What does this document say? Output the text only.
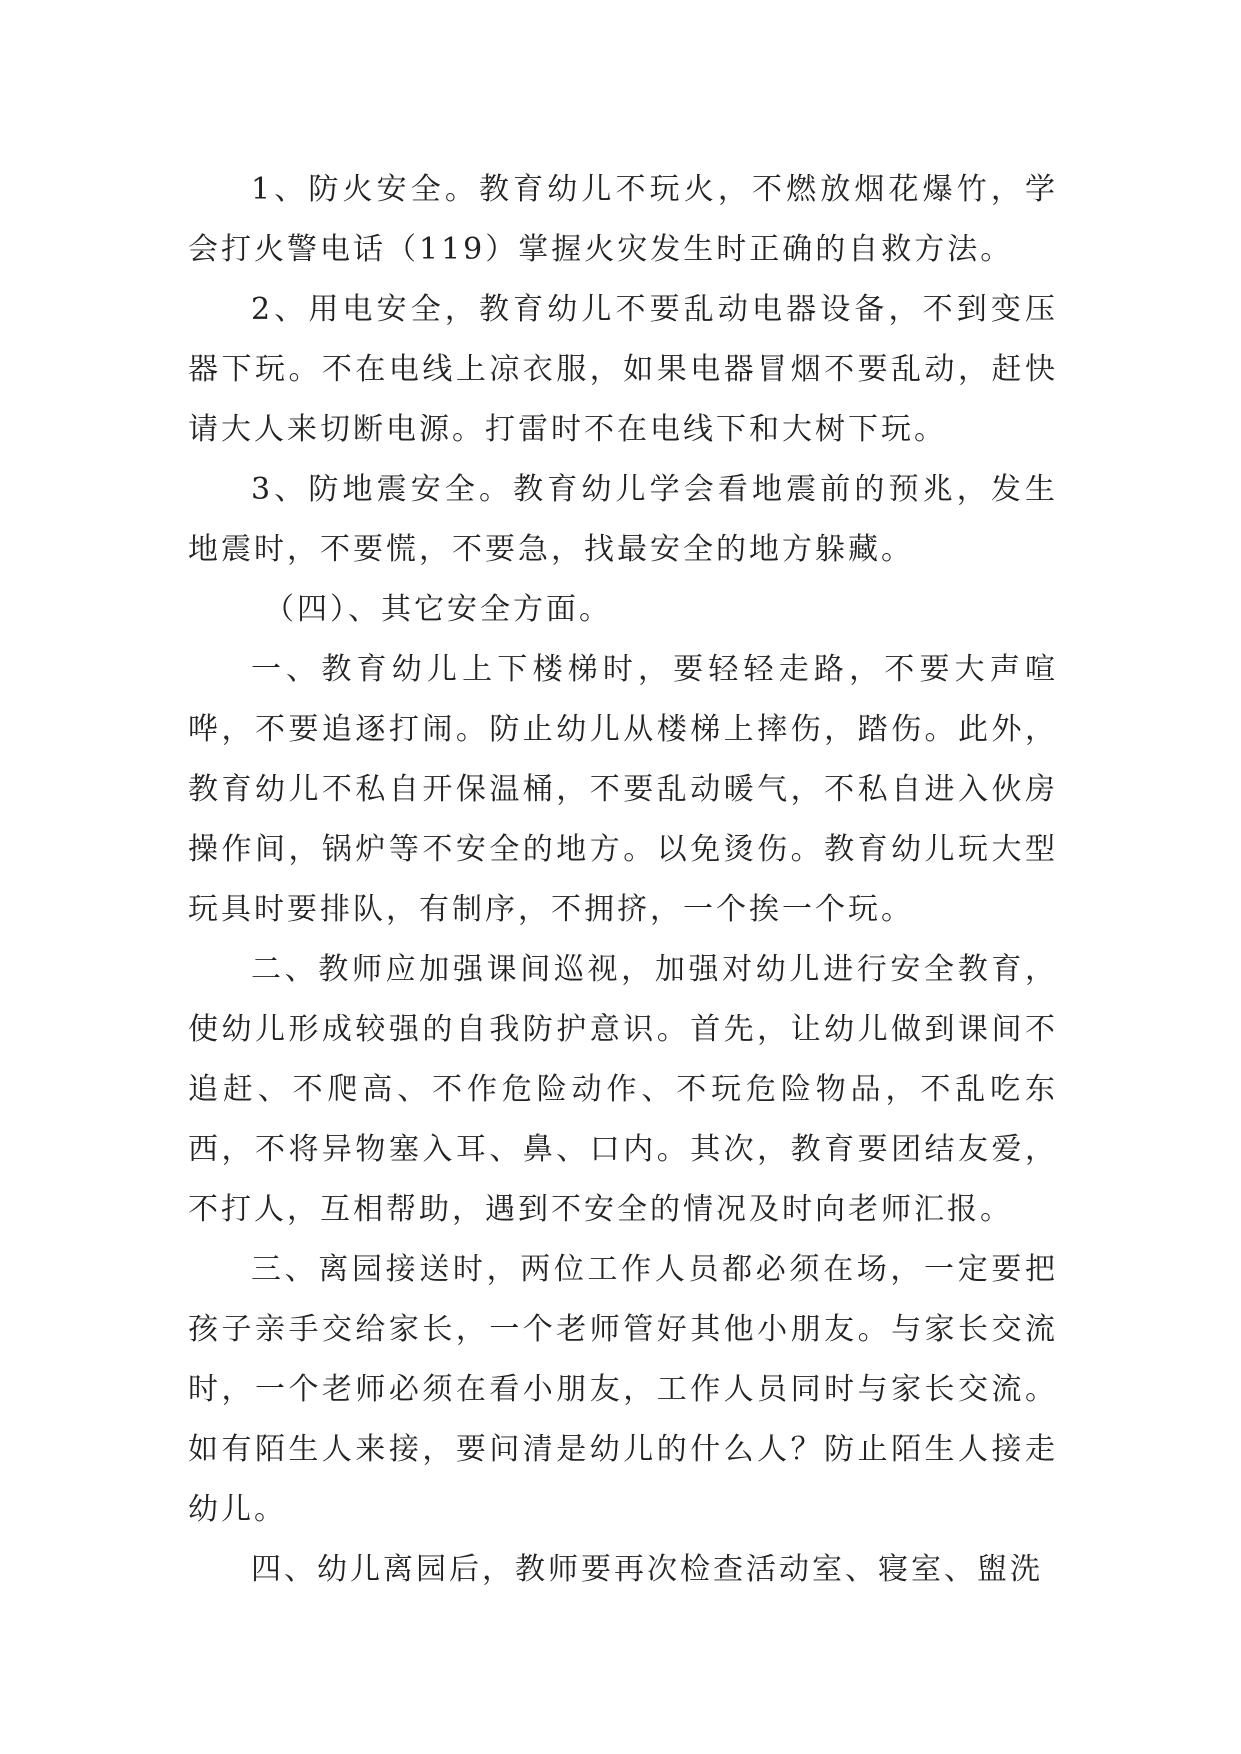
1、防火安全。教育幼儿不玩火，不燃放烟花爆竹，学会打火警电话（119）掌握火灾发生时正确的自救方法。

2、用电安全，教育幼儿不要乱动电器设备，不到变压器下玩。不在电线上凉衣服，如果电器冒烟不要乱动，赶快请大人来切断电源。打雷时不在电线下和大树下玩。

3、防地震安全。教育幼儿学会看地震前的预兆，发生地震时，不要慌，不要急，找最安全的地方躲藏。

（四）、其它安全方面。

一、教育幼儿上下楼梯时，要轻轻走路，不要大声喧哗，不要追逐打闹。防止幼儿从楼梯上摔伤，踏伤。此外，教育幼儿不私自开保温桶，不要乱动暖气，不私自进入伙房操作间，锅炉等不安全的地方。以免烫伤。教育幼儿玩大型玩具时要排队，有制序，不拥挤，一个挨一个玩。

二、教师应加强课间巡视，加强对幼儿进行安全教育，使幼儿形成较强的自我防护意识。首先，让幼儿做到课间不追赶、不爬高、不作危险动作、不玩危险物品，不乱吃东西，不将异物塞入耳、鼻、口内。其次，教育要团结友爱，不打人，互相帮助，遇到不安全的情况及时向老师汇报。

三、离园接送时，两位工作人员都必须在场，一定要把孩子亲手交给家长，一个老师管好其他小朋友。与家长交流时，一个老师必须在看小朋友，工作人员同时与家长交流。如有陌生人来接，要问清是幼儿的什么人？防止陌生人接走幼儿。

四、幼儿离园后，教师要再次检查活动室、寝室、盥洗
